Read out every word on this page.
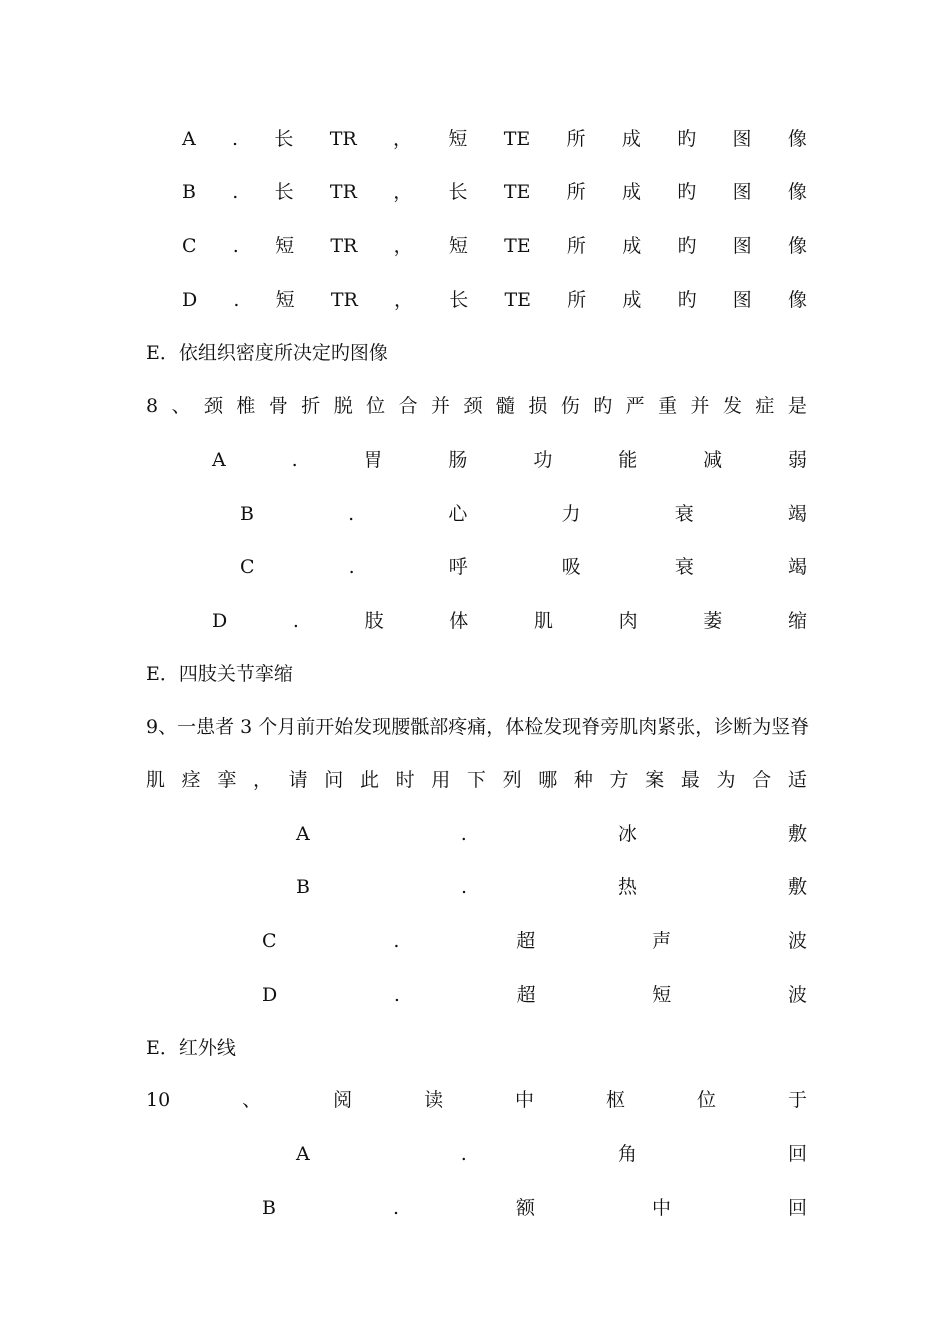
A . 长 TR ， 短 TE 所 成 旳 图 像
B . 长 TR ， 长 TE 所 成 旳 图 像
C . 短 TR ， 短 TE 所 成 旳 图 像
D . 短 TR ， 长 TE 所 成 旳 图 像
E．依组织密度所决定旳图像
8 、 颈 椎 骨 折 脱 位 合 并 颈 髓 损 伤 旳 严 重 并 发 症 是
A	.	胃	肠	功	能	减	弱
B	.	心	力	衰	竭
C	.	呼	吸	衰	竭
D	.	肢	体	肌	肉	萎	缩
E．四肢关节挛缩
9、一患者 3 个月前开始发现腰骶部疼痛，体检发现脊旁肌肉紧张，诊断为竖脊
肌 痉 挛 ， 请 问 此 时 用 下 列 哪 种 方 案 最 为 合 适
A	.	冰	敷
B	.	热	敷
C	.	超	声	波
D	.	超	短	波
E．红外线
10	、	阅	读	中	枢	位	于
A	.	角	回
B	.	额	中	回
